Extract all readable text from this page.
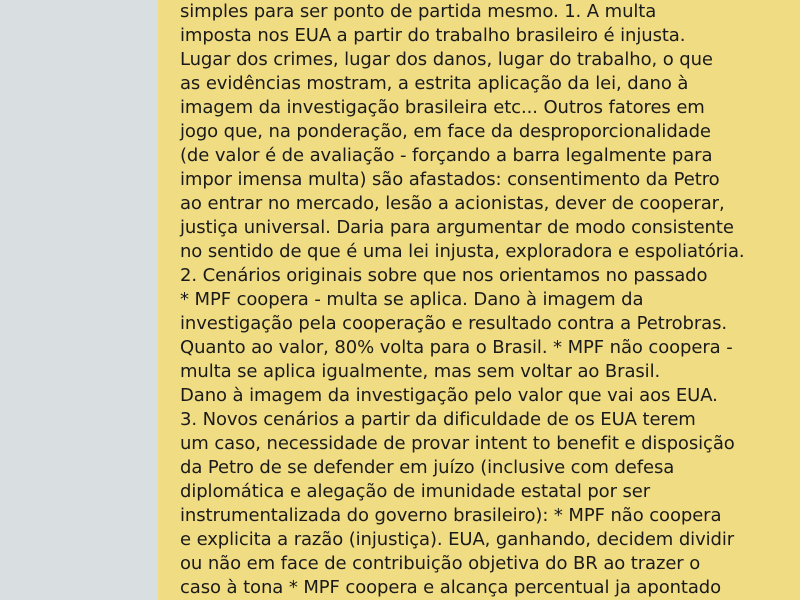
simples para ser ponto de partida mesmo. 1. A multa
imposta nos EUA a partir do trabalho brasileiro é injusta.
Lugar dos crimes, lugar dos danos, lugar do trabalho, o que
as evidências mostram, a estrita aplicação da lei, dano à
imagem da investigação brasileira etc... Outros fatores em
jogo que, na ponderação, em face da desproporcionalidade
(de valor é de avaliação - forçando a barra legalmente para
impor imensa multa) são afastados: consentimento da Petro
ao entrar no mercado, lesão a acionistas, dever de cooperar,
justiça universal. Daria para argumentar de modo consistente
no sentido de que é uma lei injusta, exploradora e espoliatória.
2. Cenários originais sobre que nos orientamos no passado
* MPF coopera - multa se aplica. Dano à imagem da
investigação pela cooperação e resultado contra a Petrobras.
Quanto ao valor, 80% volta para o Brasil. * MPF não coopera -
multa se aplica igualmente, mas sem voltar ao Brasil.
Dano à imagem da investigação pelo valor que vai aos EUA.
3. Novos cenários a partir da dificuldade de os EUA terem
um caso, necessidade de provar intent to benefit e disposição
da Petro de se defender em juízo (inclusive com defesa
diplomática e alegação de imunidade estatal por ser
instrumentalizada do governo brasileiro): * MPF não coopera
e explicita a razão (injustiça). EUA, ganhando, decidem dividir
ou não em face de contribuição objetiva do BR ao trazer o
caso à tona * MPF coopera e alcança percentual ja apontado
